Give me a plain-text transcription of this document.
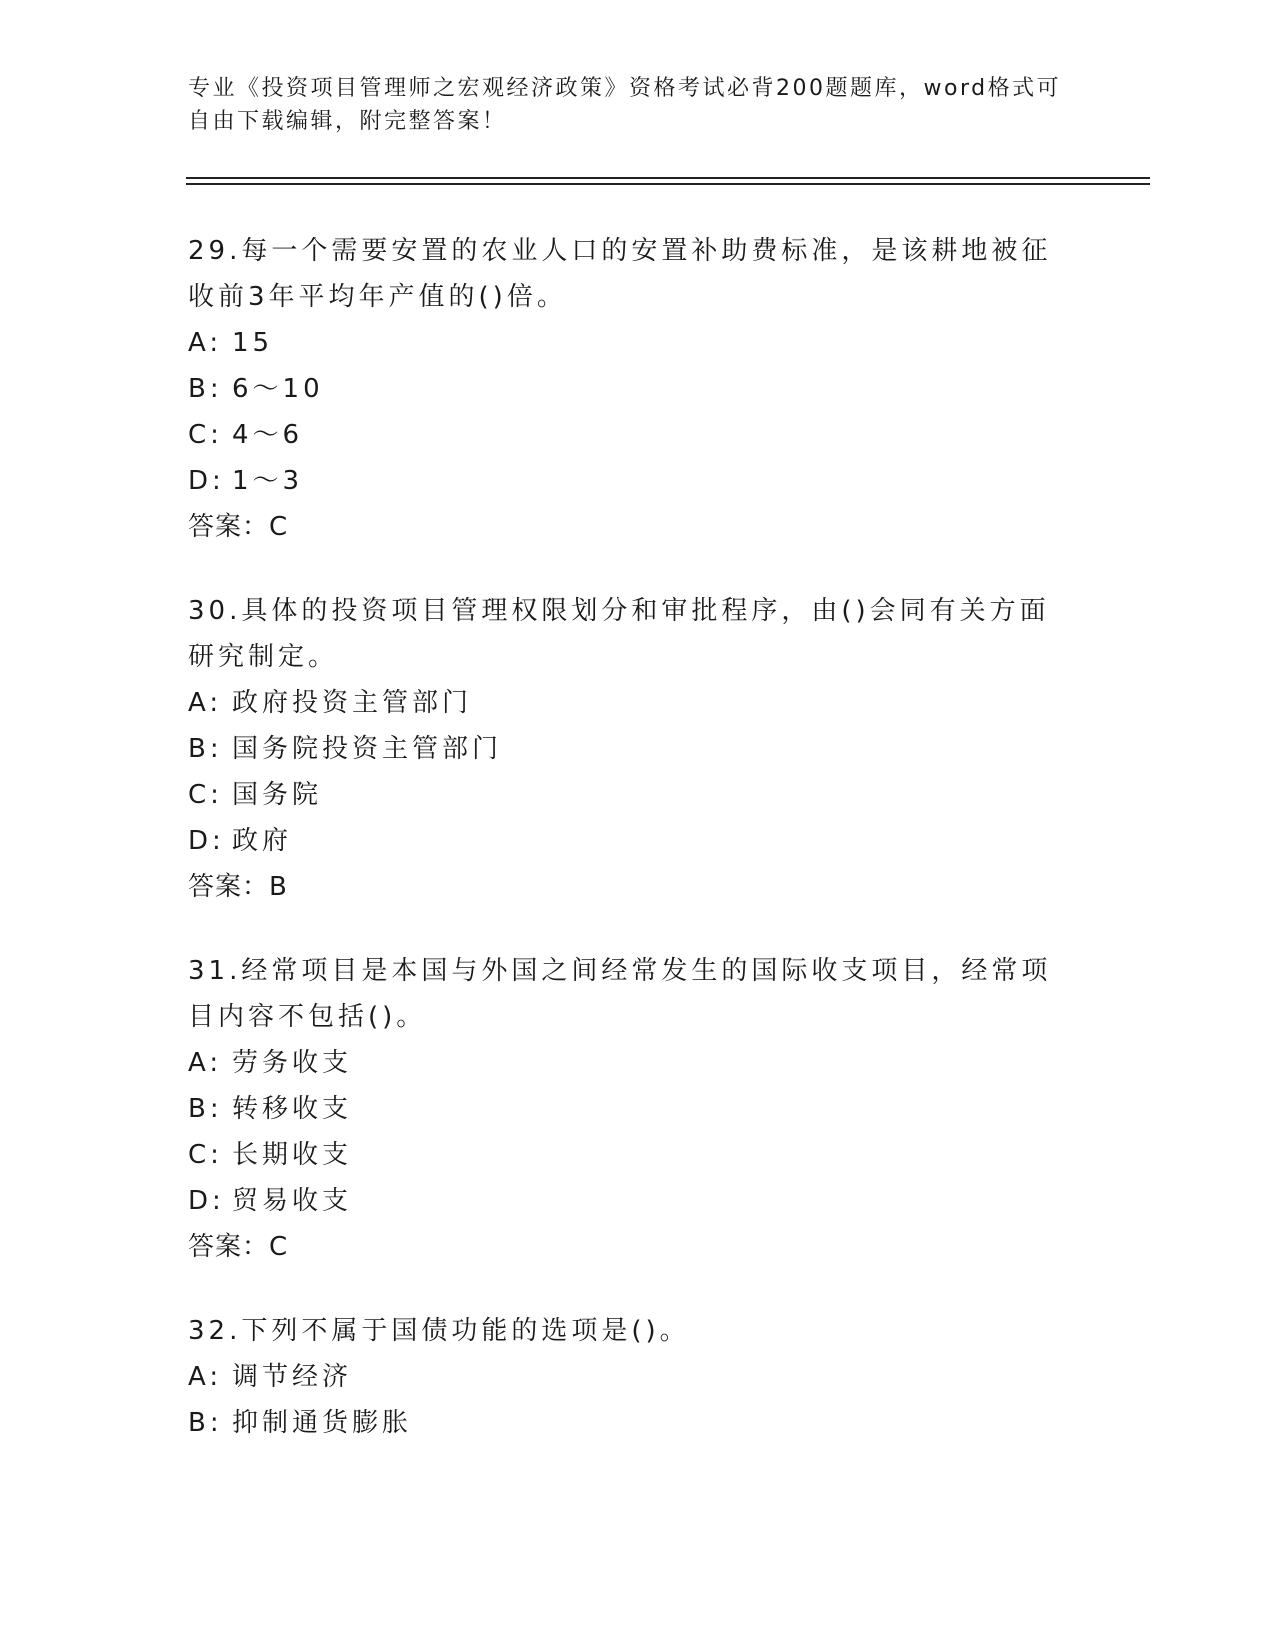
专业《投资项目管理师之宏观经济政策》资格考试必背200题题库，word格式可自由下载编辑，附完整答案！
29.每一个需要安置的农业人口的安置补助费标准，是该耕地被征收前3年平均年产值的()倍。
A: 15
B: 6～10
C: 4～6
D: 1～3
答案：C
30.具体的投资项目管理权限划分和审批程序，由()会同有关方面研究制定。
A: 政府投资主管部门
B: 国务院投资主管部门
C: 国务院
D: 政府
答案：B
31.经常项目是本国与外国之间经常发生的国际收支项目，经常项目内容不包括()。
A: 劳务收支
B: 转移收支
C: 长期收支
D: 贸易收支
答案：C
32.下列不属于国债功能的选项是()。
A: 调节经济
B: 抑制通货膨胀
